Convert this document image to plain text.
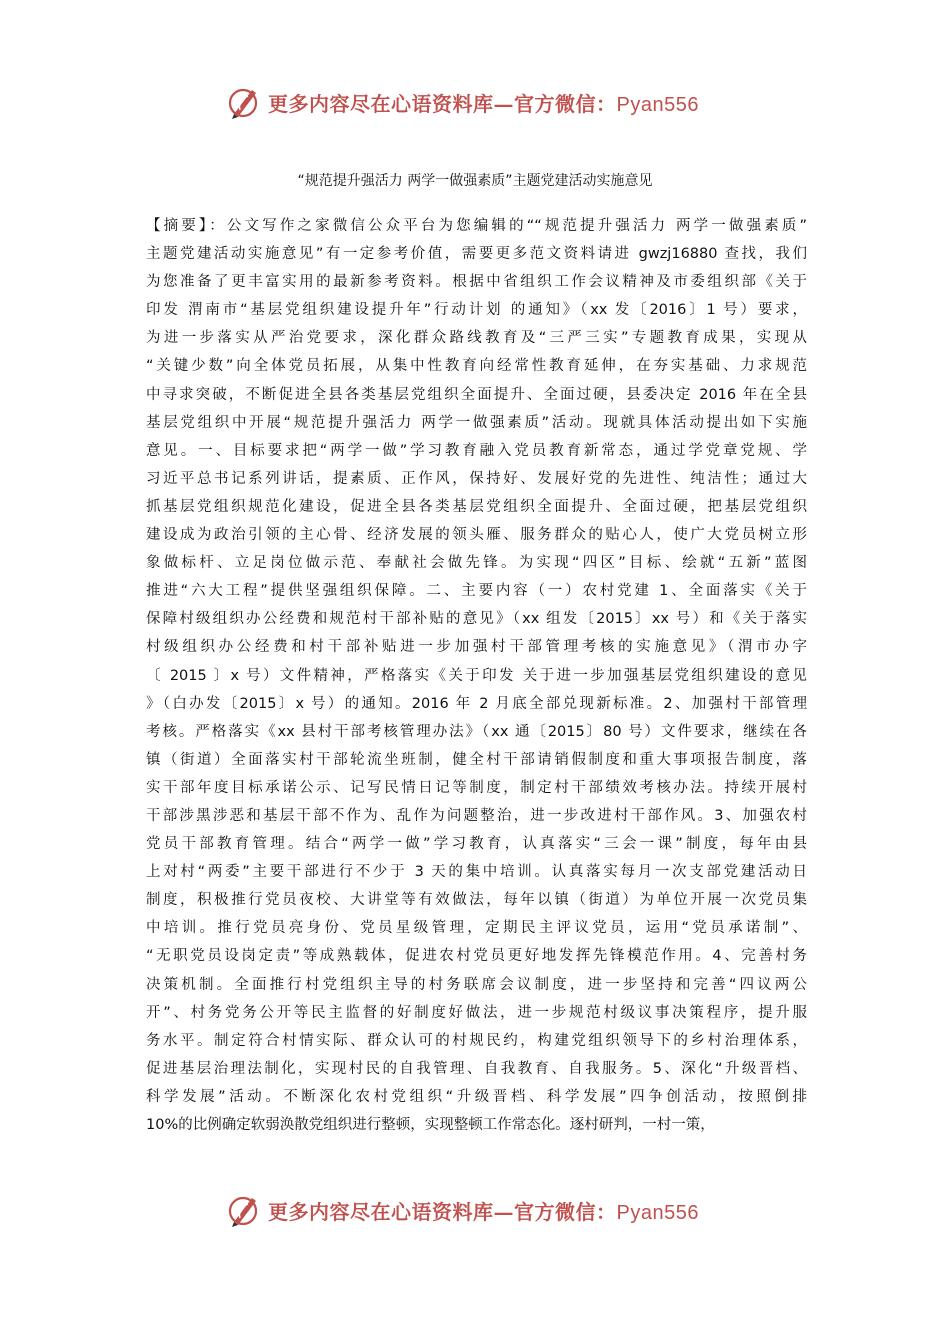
更多内容尽在心语资料库—官方微信：Pyan556
“规范提升强活力 两学一做强素质”主题党建活动实施意见
【摘要】：公文写作之家微信公众平台为您编辑的““规范提升强活力 两学一做强素质”
主题党建活动实施意见”有一定参考价值，需要更多范文资料请进 gwzj16880 查找，我们
为您准备了更丰富实用的最新参考资料。根据中省组织工作会议精神及市委组织部《关于
印发 渭南市“基层党组织建设提升年”行动计划 的通知》（xx 发〔2016〕1 号）要求，
为进一步落实从严治党要求，深化群众路线教育及“三严三实”专题教育成果，实现从
“关键少数”向全体党员拓展，从集中性教育向经常性教育延伸，在夯实基础、力求规范
中寻求突破，不断促进全县各类基层党组织全面提升、全面过硬，县委决定 2016 年在全县
基层党组织中开展“规范提升强活力 两学一做强素质”活动。现就具体活动提出如下实施
意见。一、目标要求把“两学一做”学习教育融入党员教育新常态，通过学党章党规、学
习近平总书记系列讲话，提素质、正作风，保持好、发展好党的先进性、纯洁性；通过大
抓基层党组织规范化建设，促进全县各类基层党组织全面提升、全面过硬，把基层党组织
建设成为政治引领的主心骨、经济发展的领头雁、服务群众的贴心人，使广大党员树立形
象做标杆、立足岗位做示范、奉献社会做先锋。为实现“四区”目标、绘就“五新”蓝图
推进“六大工程”提供坚强组织保障。二、主要内容（一）农村党建 1、全面落实《关于
保障村级组织办公经费和规范村干部补贴的意见》（xx 组发〔2015〕xx 号）和《关于落实
村级组织办公经费和村干部补贴进一步加强村干部管理考核的实施意见》（渭市办字
〔 2015 〕x 号）文件精神，严格落实《关于印发 关于进一步加强基层党组织建设的意见
》（白办发〔2015〕x 号）的通知。2016 年 2 月底全部兑现新标准。2、加强村干部管理
考核。严格落实《xx 县村干部考核管理办法》（xx 通〔2015〕80 号）文件要求，继续在各
镇（街道）全面落实村干部轮流坐班制，健全村干部请销假制度和重大事项报告制度，落
实干部年度目标承诺公示、记写民情日记等制度，制定村干部绩效考核办法。持续开展村
干部涉黑涉恶和基层干部不作为、乱作为问题整治，进一步改进村干部作风。3、加强农村
党员干部教育管理。结合“两学一做”学习教育，认真落实“三会一课”制度，每年由县
上对村“两委”主要干部进行不少于 3 天的集中培训。认真落实每月一次支部党建活动日
制度，积极推行党员夜校、大讲堂等有效做法，每年以镇（街道）为单位开展一次党员集
中培训。推行党员亮身份、党员星级管理，定期民主评议党员，运用“党员承诺制”、
“无职党员设岗定责”等成熟载体，促进农村党员更好地发挥先锋模范作用。4、完善村务
决策机制。全面推行村党组织主导的村务联席会议制度，进一步坚持和完善“四议两公
开”、村务党务公开等民主监督的好制度好做法，进一步规范村级议事决策程序，提升服
务水平。制定符合村情实际、群众认可的村规民约，构建党组织领导下的乡村治理体系，
促进基层治理法制化，实现村民的自我管理、自我教育、自我服务。5、深化“升级晋档、
科学发展”活动。不断深化农村党组织“升级晋档、科学发展”四争创活动，按照倒排
10%的比例确定软弱涣散党组织进行整顿，实现整顿工作常态化。逐村研判，一村一策，
更多内容尽在心语资料库—官方微信：Pyan556
